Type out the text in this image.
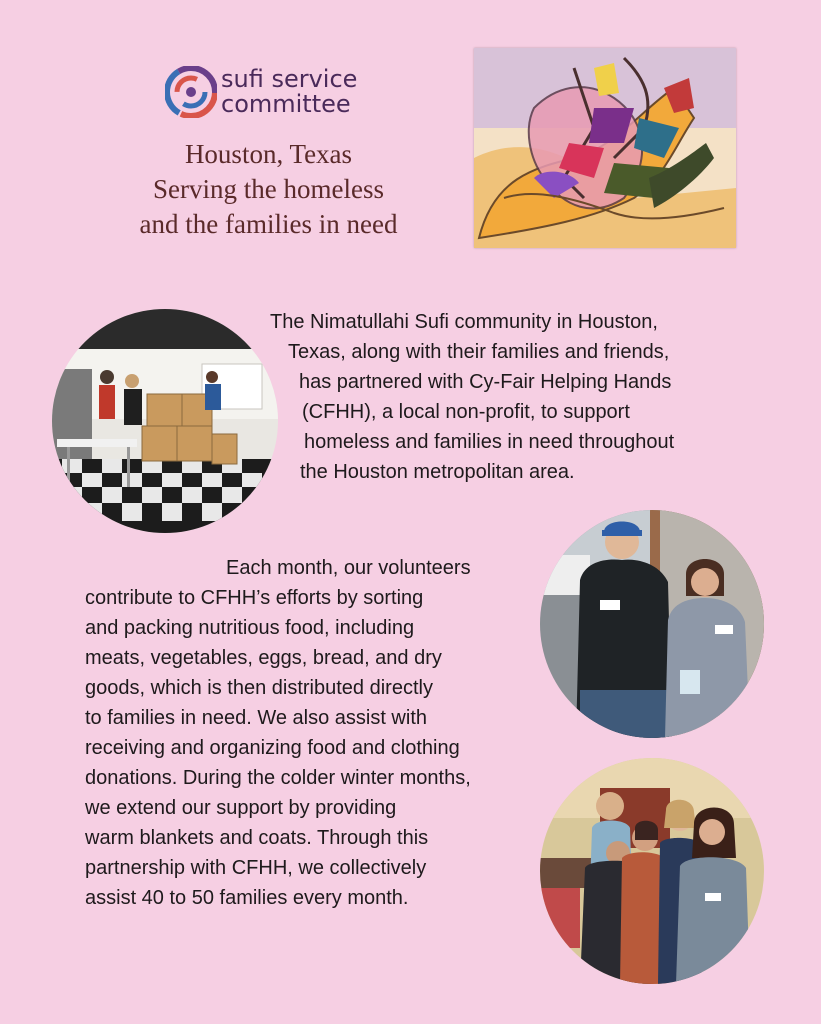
sufi service
committee
Houston, Texas
Serving the homeless
and the families in need

The Nimatullahi Sufi community in Houston,
Texas, along with their families and friends,
has partnered with Cy-Fair Helping Hands
(CFHH), a local non-profit, to support
homeless and families in need throughout
the Houston metropolitan area.

Each month, our volunteers
contribute to CFHH’s efforts by sorting
and packing nutritious food, including
meats, vegetables, eggs, bread, and dry
goods, which is then distributed directly
to families in need. We also assist with
receiving and organizing food and clothing
donations. During the colder winter months,
we extend our support by providing
warm blankets and coats. Through this
partnership with CFHH, we collectively
assist 40 to 50 families every month.
